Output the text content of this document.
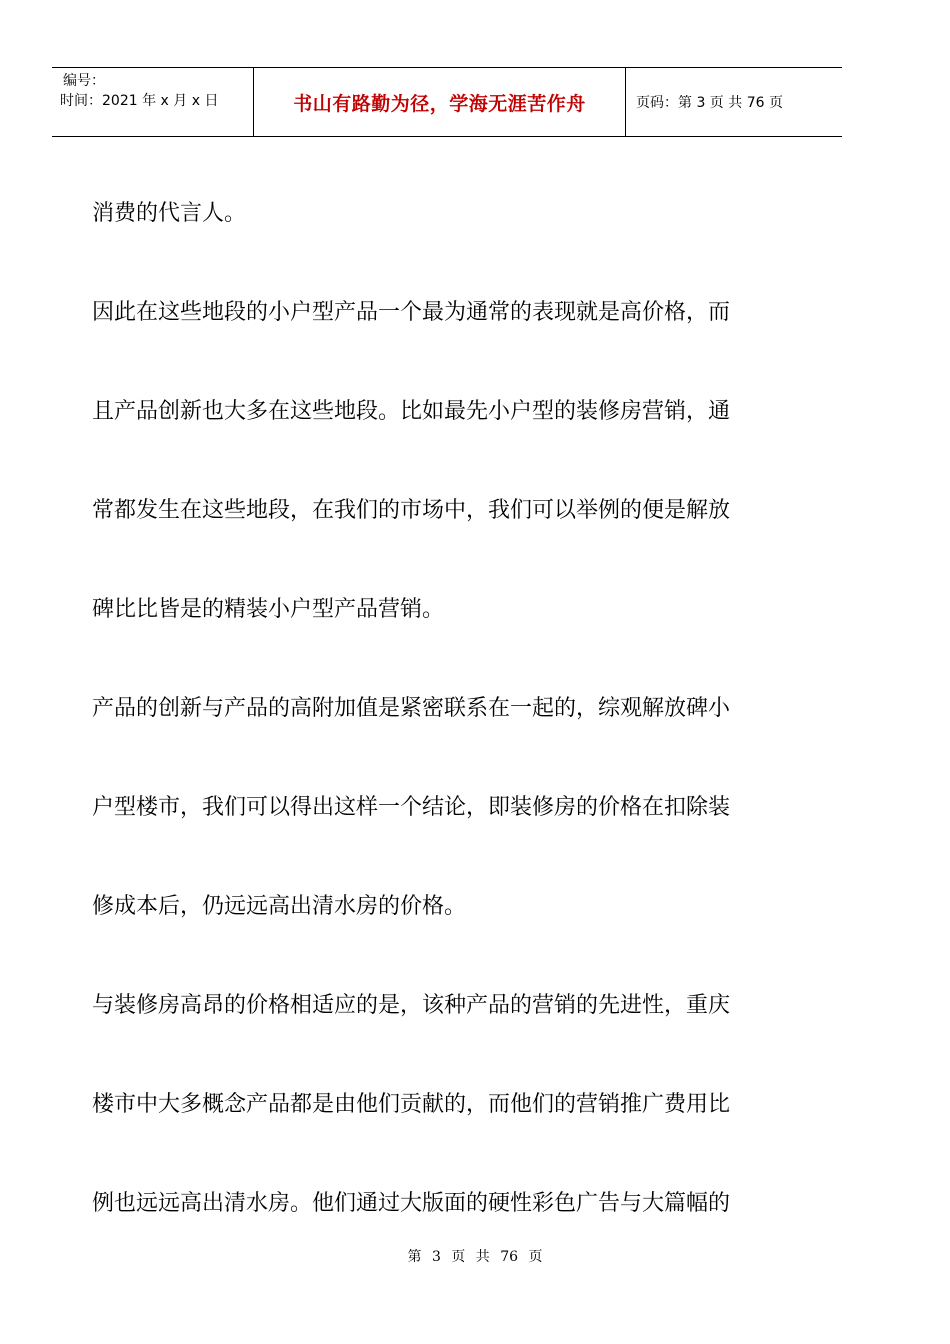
编号：
时间：2021 年 x 月 x 日	书山有路勤为径，学海无涯苦作舟	页码：第 3 页 共 76 页

消费的代言人。

因此在这些地段的小户型产品一个最为通常的表现就是高价格，而

且产品创新也大多在这些地段。比如最先小户型的装修房营销，通

常都发生在这些地段，在我们的市场中，我们可以举例的便是解放

碑比比皆是的精装小户型产品营销。

产品的创新与产品的高附加值是紧密联系在一起的，综观解放碑小

户型楼市，我们可以得出这样一个结论，即装修房的价格在扣除装

修成本后，仍远远高出清水房的价格。

与装修房高昂的价格相适应的是，该种产品的营销的先进性，重庆

楼市中大多概念产品都是由他们贡献的，而他们的营销推广费用比

例也远远高出清水房。他们通过大版面的硬性彩色广告与大篇幅的

第 3 页 共 76 页
